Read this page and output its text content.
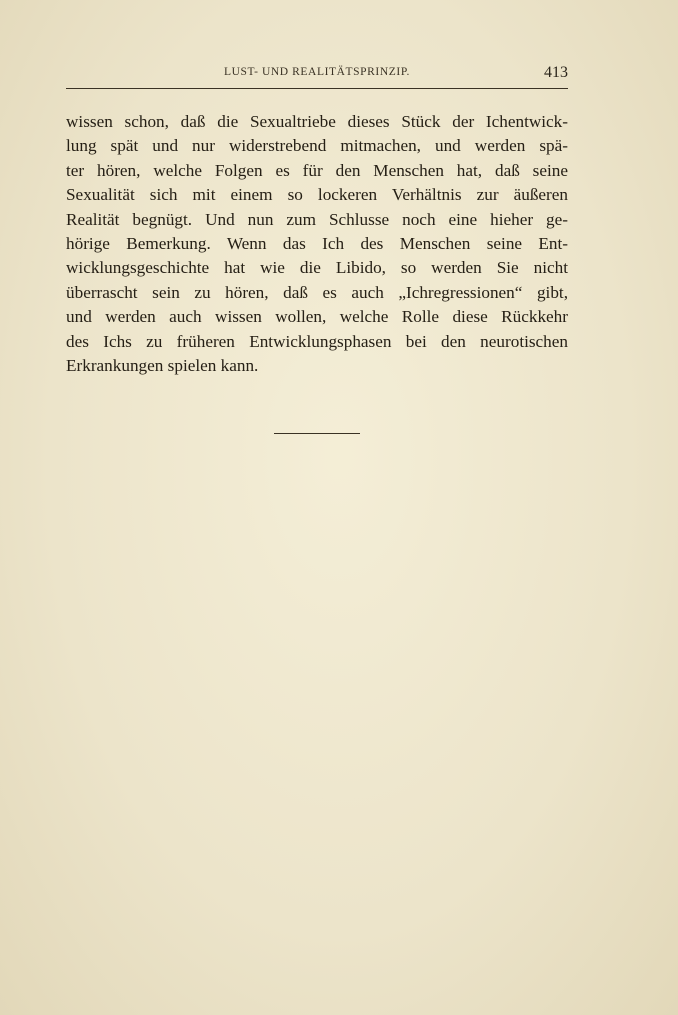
LUST- UND REALITÄTSPRINZIP.	413
wissen schon, daß die Sexualtriebe dieses Stück der Ichentwick-
lung spät und nur widerstrebend mitmachen, und werden spä-
ter hören, welche Folgen es für den Menschen hat, daß seine
Sexualität sich mit einem so lockeren Verhältnis zur äußeren
Realität begnügt. Und nun zum Schlusse noch eine hieher ge-
hörige Bemerkung. Wenn das Ich des Menschen seine Ent-
wicklungsgeschichte hat wie die Libido, so werden Sie nicht
überrascht sein zu hören, daß es auch „Ichregressionen“ gibt,
und werden auch wissen wollen, welche Rolle diese Rückkehr
des Ichs zu früheren Entwicklungsphasen bei den neurotischen
Erkrankungen spielen kann.
